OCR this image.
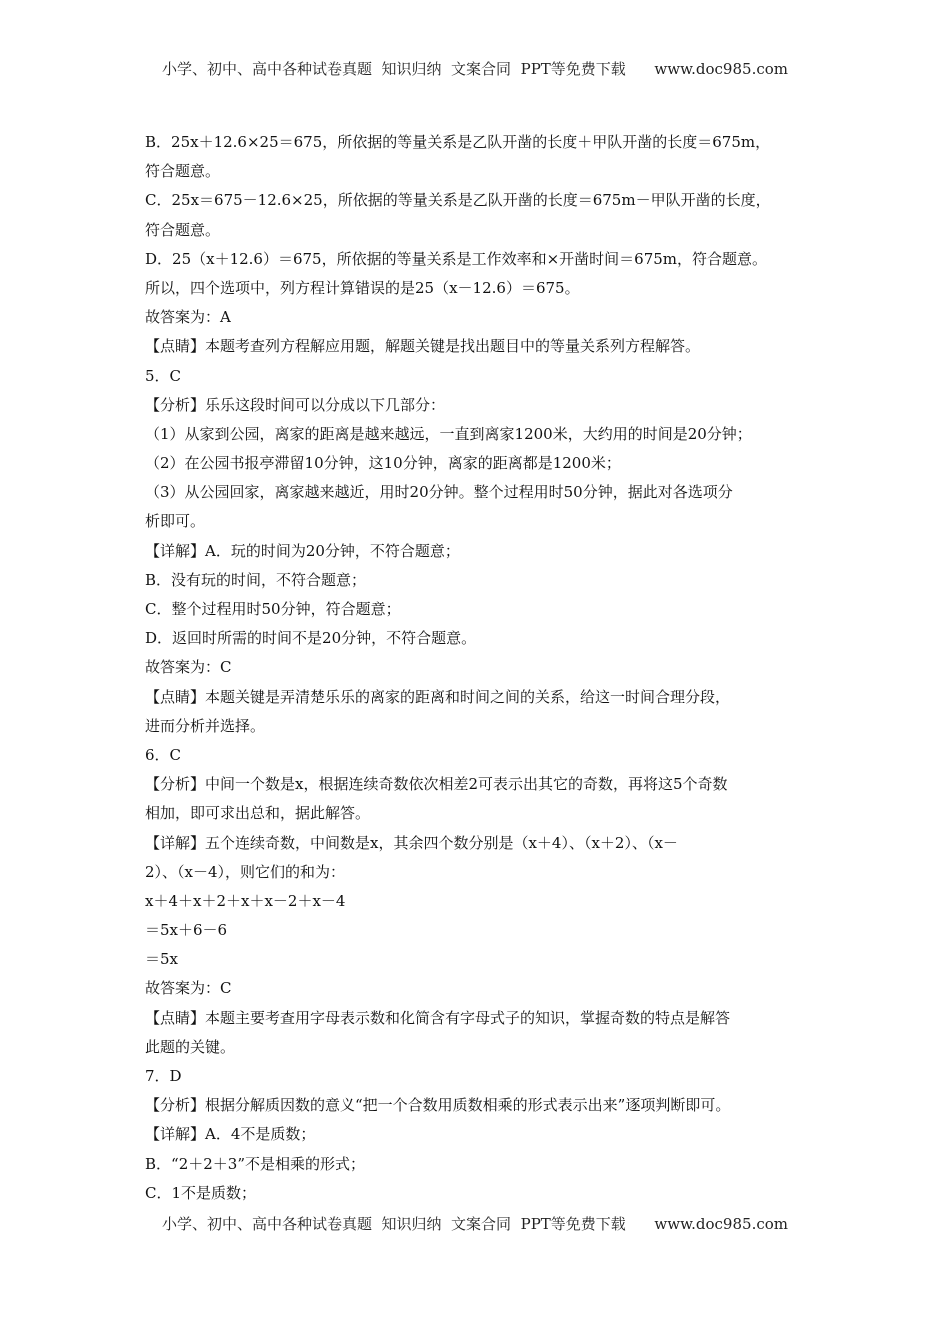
小学、初中、高中各种试卷真题  知识归纳  文案合同  PPT等免费下载      www.doc985.com
B．25x＋12.6×25＝675，所依据的等量关系是乙队开凿的长度＋甲队开凿的长度＝675m，
符合题意。
C．25x＝675－12.6×25，所依据的等量关系是乙队开凿的长度＝675m－甲队开凿的长度，
符合题意。
D．25（x＋12.6）＝675，所依据的等量关系是工作效率和×开凿时间＝675m，符合题意。
所以，四个选项中，列方程计算错误的是25（x－12.6）＝675。
故答案为：A
【点睛】本题考查列方程解应用题，解题关键是找出题目中的等量关系列方程解答。
5．C
【分析】乐乐这段时间可以分成以下几部分：
（1）从家到公园，离家的距离是越来越远，一直到离家1200米，大约用的时间是20分钟；
（2）在公园书报亭滞留10分钟，这10分钟，离家的距离都是1200米；
（3）从公园回家，离家越来越近，用时20分钟。整个过程用时50分钟，据此对各选项分
析即可。
【详解】A．玩的时间为20分钟，不符合题意；
B．没有玩的时间，不符合题意；
C．整个过程用时50分钟，符合题意；
D．返回时所需的时间不是20分钟，不符合题意。
故答案为：C
【点睛】本题关键是弄清楚乐乐的离家的距离和时间之间的关系，给这一时间合理分段，
进而分析并选择。
6．C
【分析】中间一个数是x，根据连续奇数依次相差2可表示出其它的奇数，再将这5个奇数
相加，即可求出总和，据此解答。
【详解】五个连续奇数，中间数是x，其余四个数分别是（x＋4）、（x＋2）、（x－
2）、（x－4），则它们的和为：
x＋4＋x＋2＋x＋x－2＋x－4
＝5x＋6－6
＝5x
故答案为：C
【点睛】本题主要考查用字母表示数和化简含有字母式子的知识，掌握奇数的特点是解答
此题的关键。
7．D
【分析】根据分解质因数的意义“把一个合数用质数相乘的形式表示出来”逐项判断即可。
【详解】A．4不是质数；
B．“2＋2＋3”不是相乘的形式；
C．1不是质数；
小学、初中、高中各种试卷真题  知识归纳  文案合同  PPT等免费下载      www.doc985.com
